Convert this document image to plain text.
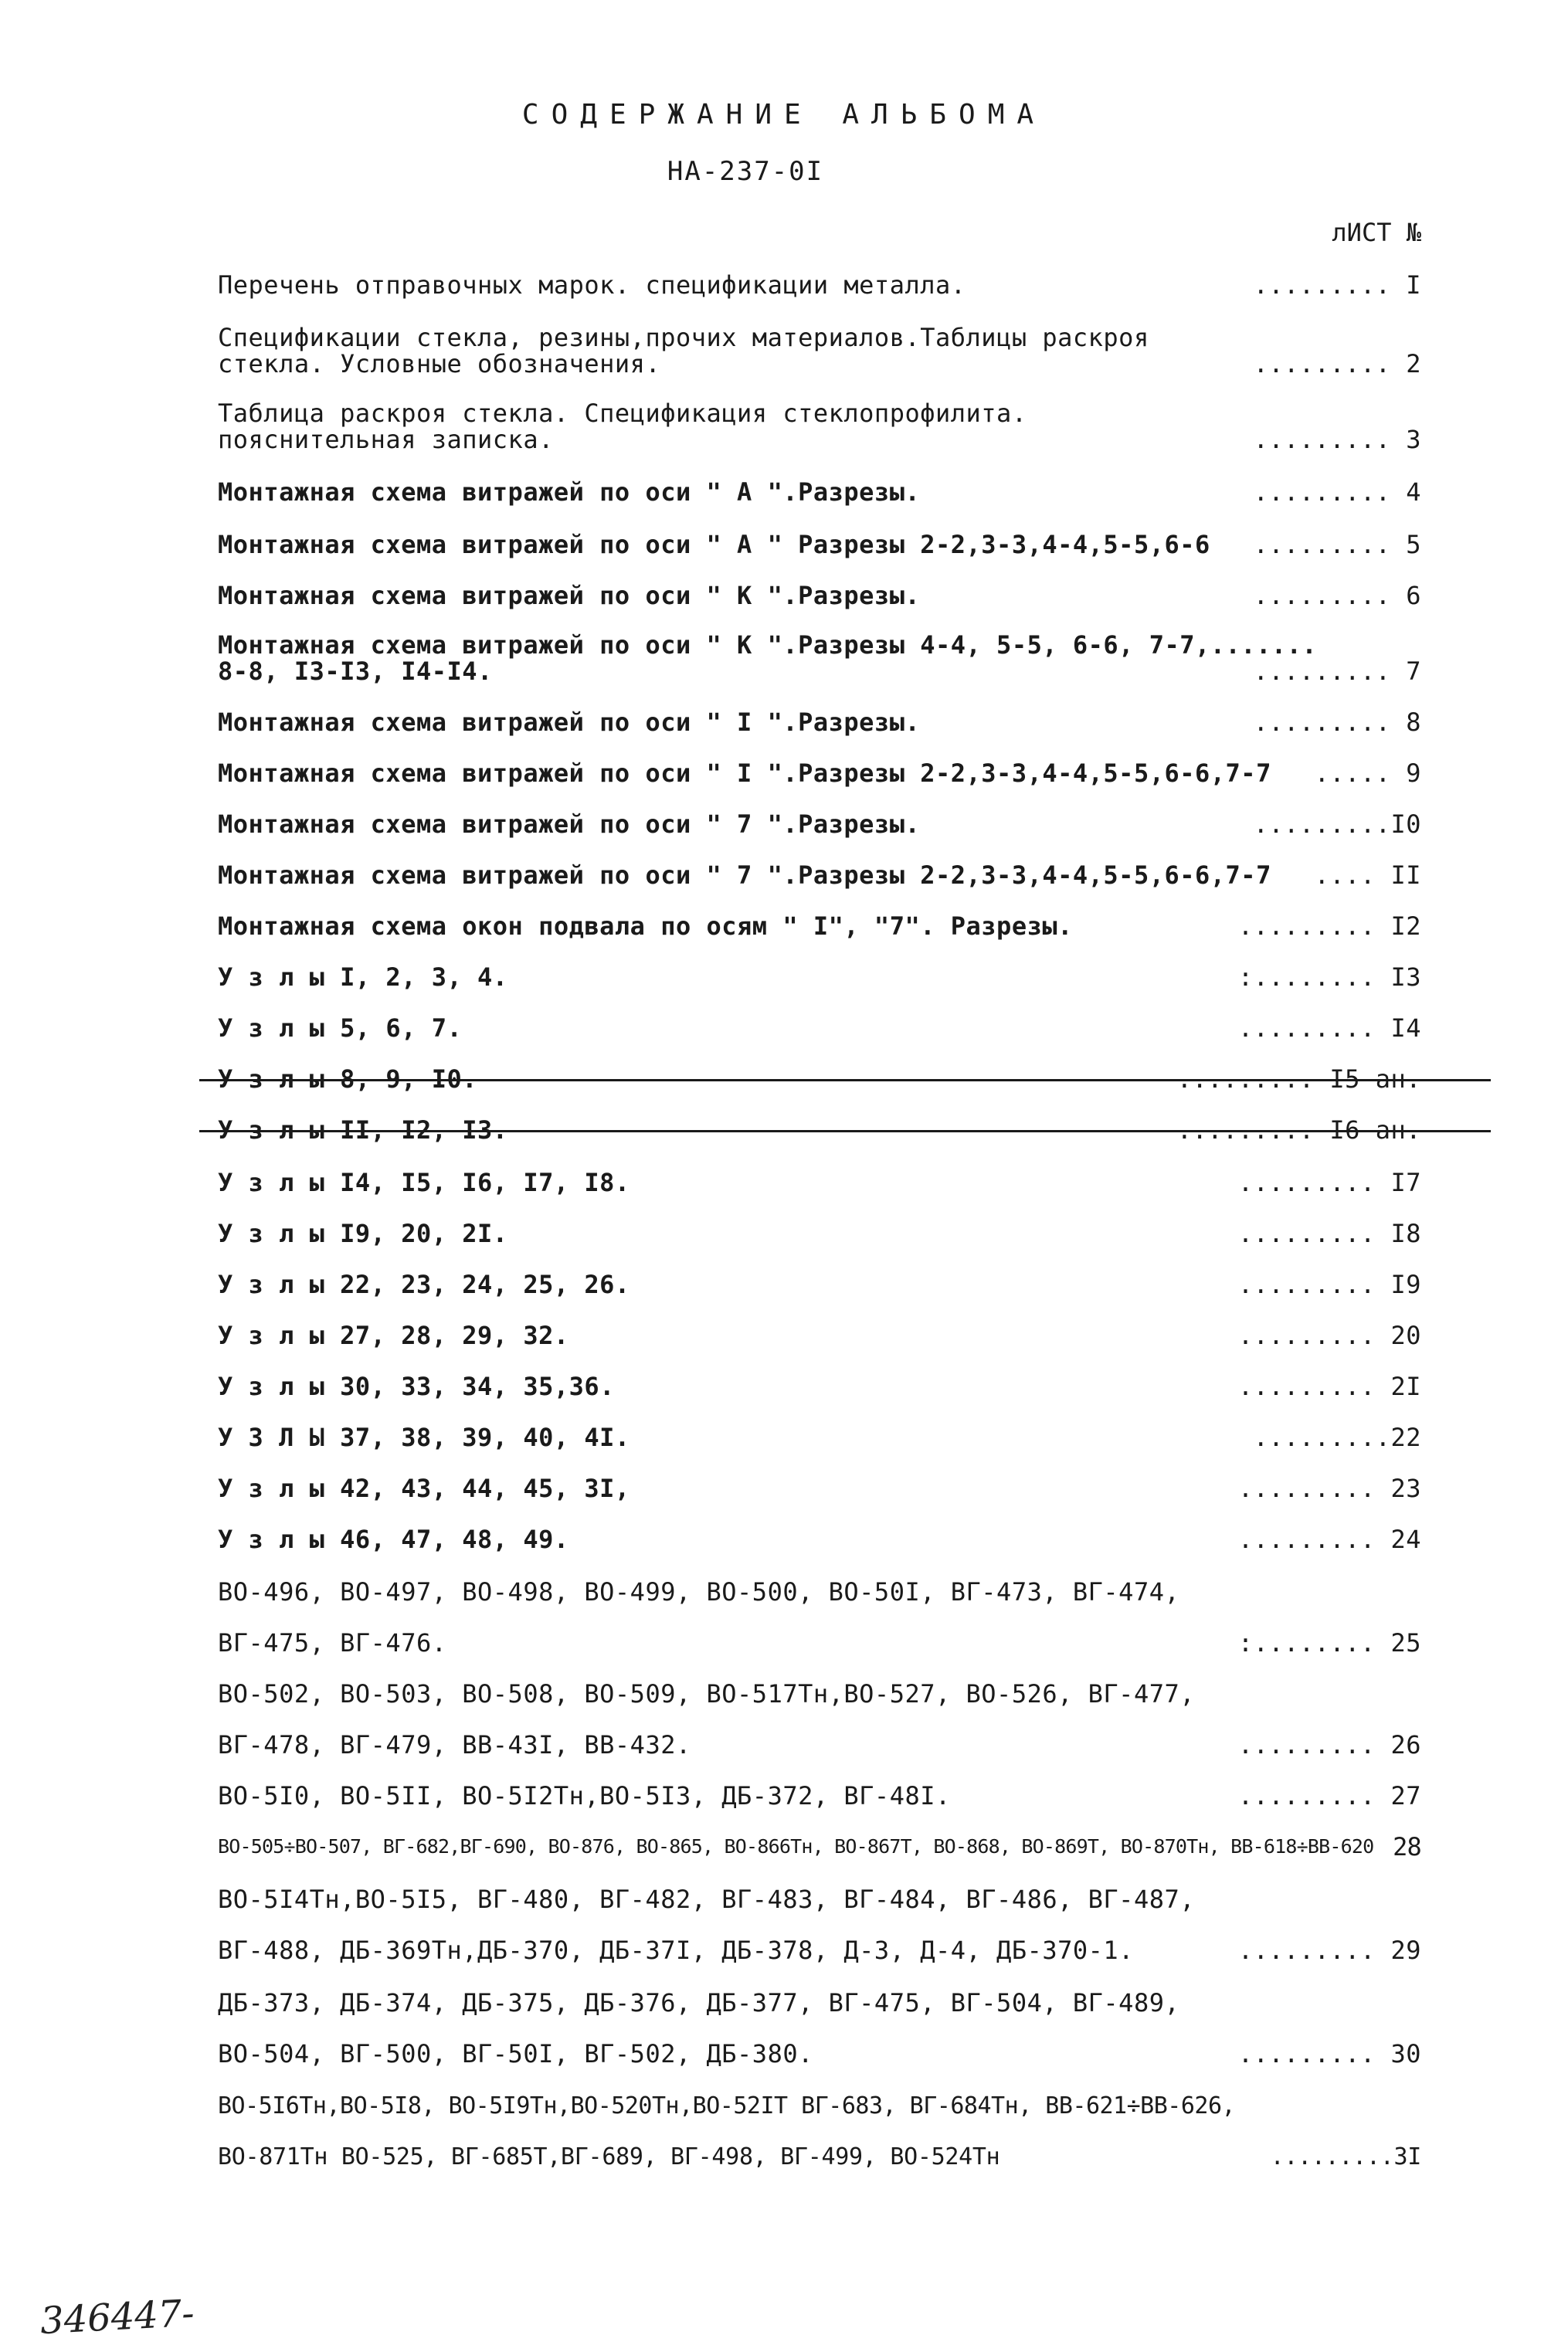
СОДЕРЖАНИЕ АЛЬБОМА
НА-237-0I
лИСТ №
Перечень отправочных марок. спецификации металла.	......... I
Спецификации стекла, резины,прочих материалов.Таблицы раскроя
стекла. Условные обозначения.	......... 2
Таблица раскроя стекла. Спецификация стеклопрофилита. пояснительная записка.	......... 3
Монтажная схема витражей по оси " А ".Разрезы.	......... 4
Монтажная схема витражей по оси " А " Разрезы 2-2,3-3,4-4,5-5,6-6	......... 5
Монтажная схема витражей по оси " К ".Разрезы.	......... 6
Монтажная схема витражей по оси " К ".Разрезы 4-4, 5-5, 6-6, 7-7,.......
8-8, I3-I3, I4-I4.	......... 7
Монтажная схема витражей по оси " I ".Разрезы.	......... 8
Монтажная схема витражей по оси " I ".Разрезы 2-2,3-3,4-4,5-5,6-6,7-7	..... 9
Монтажная схема витражей по оси " 7 ".Разрезы.	.........I0
Монтажная схема витражей по оси " 7 ".Разрезы 2-2,3-3,4-4,5-5,6-6,7-7	.... II
Монтажная схема окон подвала по осям " I", "7". Разрезы.	......... I2
У з л ы I, 2, 3, 4.	:........ I3
У з л ы 5, 6, 7.	......... I4
У з л ы 8, 9, I0.	......... I5 ан.
У з л ы II, I2, I3.	......... I6 ан.
У з л ы I4, I5, I6, I7, I8.	......... I7
У з л ы I9, 20, 2I.	......... I8
У з л ы 22, 23, 24, 25, 26.	......... I9
У з л ы 27, 28, 29, 32.	......... 20
У з л ы 30, 33, 34, 35,36.	......... 2I
У З Л Ы 37, 38, 39, 40, 4I.	.........22
У з л ы 42, 43, 44, 45, 3I,	......... 23
У з л ы 46, 47, 48, 49.	......... 24
ВО-496, ВО-497, ВО-498, ВО-499, ВО-500, ВО-50I, ВГ-473, ВГ-474,
ВГ-475, ВГ-476.	:........ 25
ВО-502, ВО-503, ВО-508, ВО-509, ВО-517Тн,ВО-527, ВО-526, ВГ-477,
ВГ-478, ВГ-479, ВВ-43I, ВВ-432.	......... 26
ВО-5I0, ВО-5II, ВО-5I2Тн,ВО-5I3, ДБ-372, ВГ-48I.	......... 27
ВО-505÷ВО-507, ВГ-682,ВГ-690, ВО-876, ВО-865, ВО-866Тн, ВО-867Т, ВО-868, ВО-869Т, ВО-870Тн, ВВ-618÷ВВ-620 28
ВО-5I4Тн,ВО-5I5, ВГ-480, ВГ-482, ВГ-483, ВГ-484, ВГ-486, ВГ-487,
ВГ-488, ДБ-369Тн,ДБ-370, ДБ-37I, ДБ-378, Д-3, Д-4, ДБ-370-1.	......... 29
ДБ-373, ДБ-374, ДБ-375, ДБ-376, ДБ-377, ВГ-475, ВГ-504, ВГ-489,
ВО-504, ВГ-500, ВГ-50I, ВГ-502, ДБ-380.	......... 30
ВО-5I6Тн,ВО-5I8, ВО-5I9Тн,ВО-520Тн,ВО-52IТ ВГ-683, ВГ-684Тн, ВВ-621÷ВВ-626,
ВО-871Тн ВО-525, ВГ-685Т,ВГ-689, ВГ-498, ВГ-499, ВО-524Тн	.........3I
346447-
